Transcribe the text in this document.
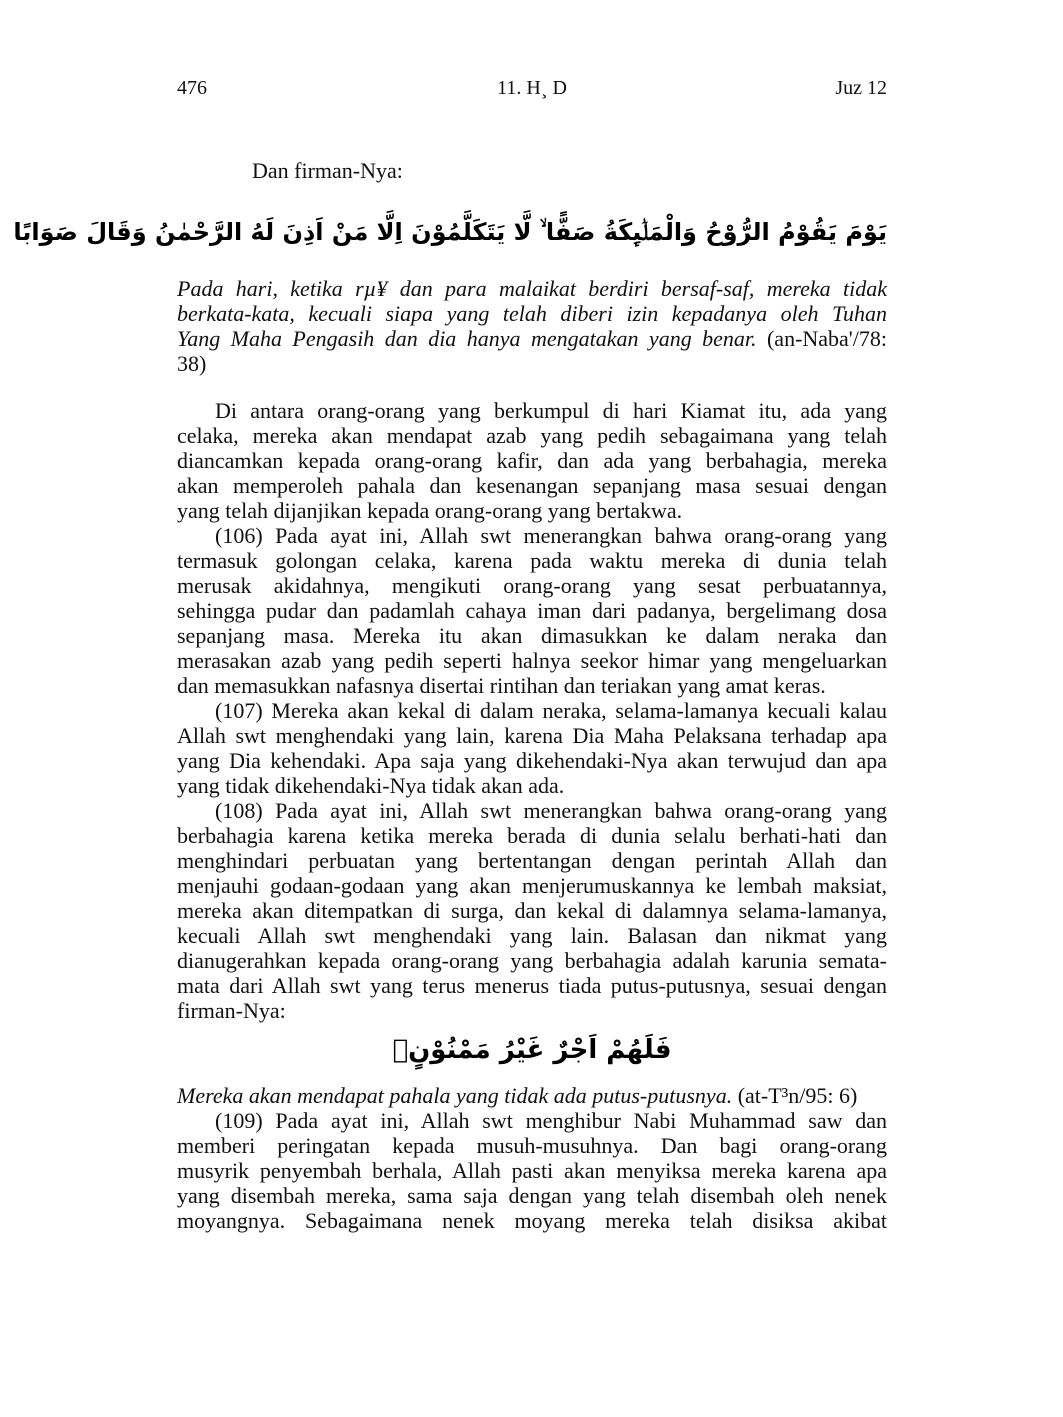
476	11. H¸ D	Juz 12
Dan firman-Nya:
يَوْمَ يَقُوْمُ الرُّوْحُ وَالْمَلٰۤىِٕكَةُ صَفًّا ۙ لَّا يَتَكَلَّمُوْنَ اِلَّا مَنْ اَذِنَ لَهُ الرَّحْمٰنُ وَقَالَ صَوَابًا
Pada hari, ketika rµ¥ dan para malaikat berdiri bersaf-saf, mereka tidak
berkata-kata, kecuali siapa yang telah diberi izin kepadanya oleh Tuhan
Yang Maha Pengasih dan dia hanya mengatakan yang benar. (an-Naba'/78:
38)
Di antara orang-orang yang berkumpul di hari Kiamat itu, ada yang
celaka, mereka akan mendapat azab yang pedih sebagaimana yang telah
diancamkan kepada orang-orang kafir, dan ada yang berbahagia, mereka
akan memperoleh pahala dan kesenangan sepanjang masa sesuai dengan
yang telah dijanjikan kepada orang-orang yang bertakwa.
(106) Pada ayat ini, Allah swt menerangkan bahwa orang-orang yang
termasuk golongan celaka, karena pada waktu mereka di dunia telah
merusak akidahnya, mengikuti orang-orang yang sesat perbuatannya,
sehingga pudar dan padamlah cahaya iman dari padanya, bergelimang dosa
sepanjang masa. Mereka itu akan dimasukkan ke dalam neraka dan
merasakan azab yang pedih seperti halnya seekor himar yang mengeluarkan
dan memasukkan nafasnya disertai rintihan dan teriakan yang amat keras.
(107) Mereka akan kekal di dalam neraka, selama-lamanya kecuali kalau
Allah swt menghendaki yang lain, karena Dia Maha Pelaksana terhadap apa
yang Dia kehendaki. Apa saja yang dikehendaki-Nya akan terwujud dan apa
yang tidak dikehendaki-Nya tidak akan ada.
(108) Pada ayat ini, Allah swt menerangkan bahwa orang-orang yang
berbahagia karena ketika mereka berada di dunia selalu berhati-hati dan
menghindari perbuatan yang bertentangan dengan perintah Allah dan
menjauhi godaan-godaan yang akan menjerumuskannya ke lembah maksiat,
mereka akan ditempatkan di surga, dan kekal di dalamnya selama-lamanya,
kecuali Allah swt menghendaki yang lain. Balasan dan nikmat yang
dianugerahkan kepada orang-orang yang berbahagia adalah karunia semata-
mata dari Allah swt yang terus menerus tiada putus-putusnya, sesuai dengan
firman-Nya:
فَلَهُمْ اَجْرٌ غَيْرُ مَمْنُوْنٍۗ
Mereka akan mendapat pahala yang tidak ada putus-putusnya. (at-T³n/95: 6)
(109) Pada ayat ini, Allah swt menghibur Nabi Muhammad saw dan
memberi peringatan kepada musuh-musuhnya. Dan bagi orang-orang
musyrik penyembah berhala, Allah pasti akan menyiksa mereka karena apa
yang disembah mereka, sama saja dengan yang telah disembah oleh nenek
moyangnya. Sebagaimana nenek moyang mereka telah disiksa akibat
